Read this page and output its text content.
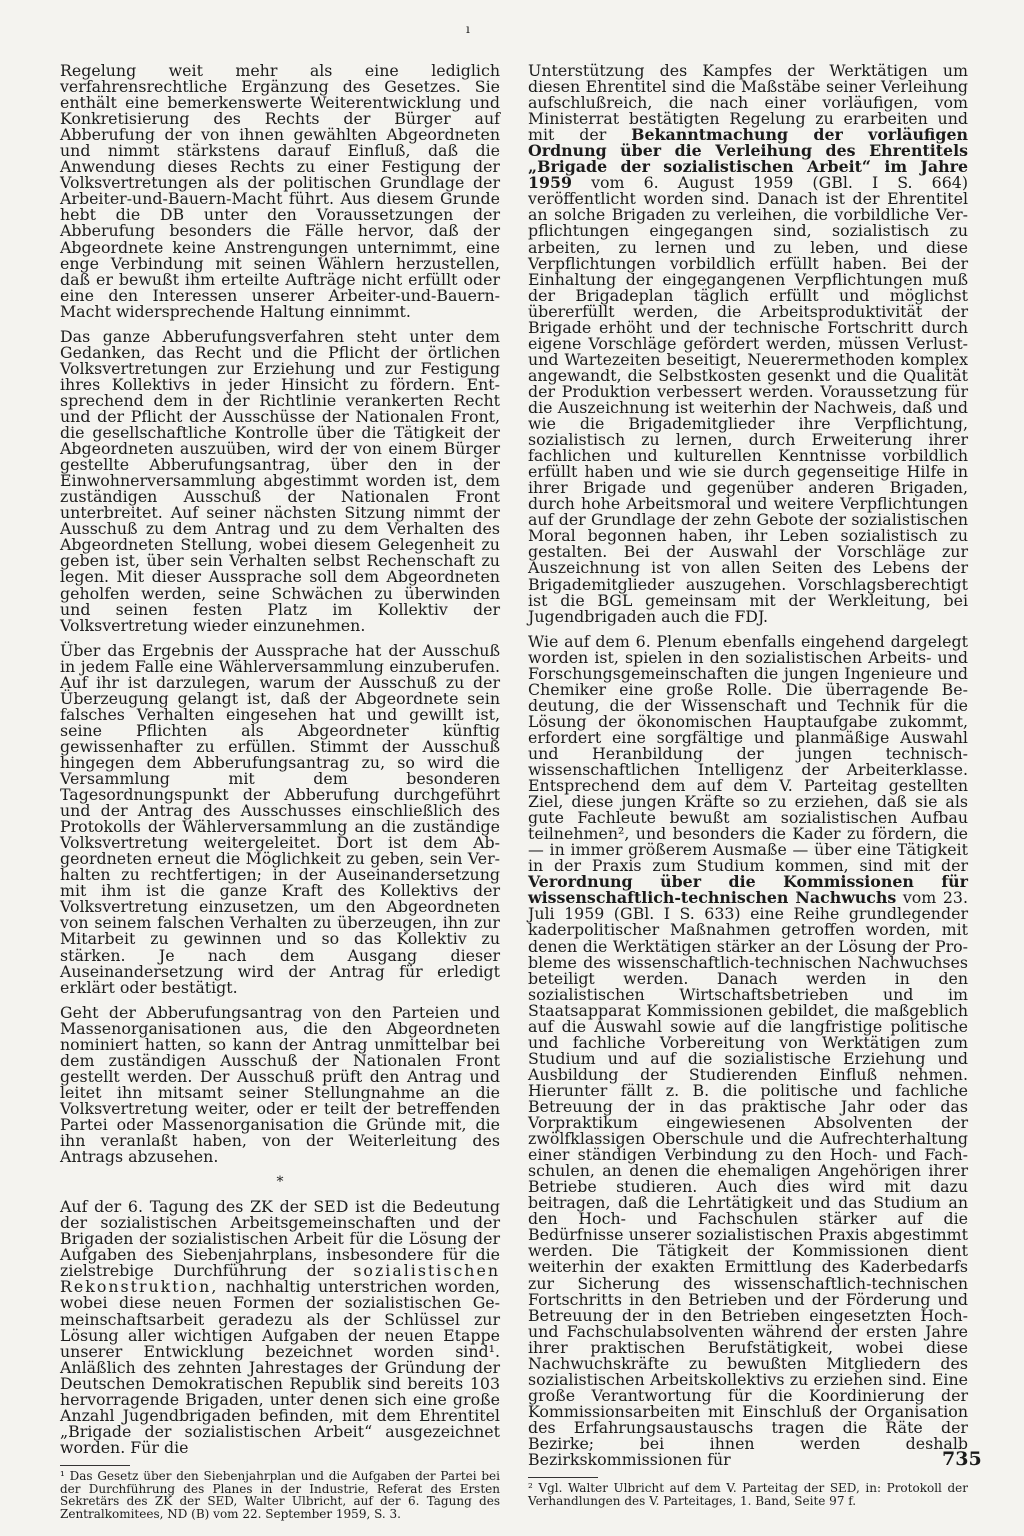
ı

Regelung weit mehr als eine lediglich verfahrensrechtliche Ergänzung des Gesetzes. Sie enthält eine bemerkenswerte Weiterentwicklung und Konkretisierung des Rechts der Bürger auf Abberufung der von ihnen gewählten Abgeordneten und nimmt stärkstens darauf Einfluß, daß die Anwendung dieses Rechts zu einer Festigung der Volksvertretungen als der politischen Grundlage der Arbeiter-und-Bauern-Macht führt. Aus diesem Grunde hebt die DB unter den Voraussetzungen der Abberufung besonders die Fälle hervor, daß der Abgeordnete keine Anstrengungen unternimmt, eine enge Verbindung mit seinen Wählern herzustellen, daß er bewußt ihm erteilte Aufträge nicht erfüllt oder eine den Interessen unserer Arbeiter-und-Bauern-Macht widersprechende Haltung einnimmt.

Das ganze Abberufungsverfahren steht unter dem Gedanken, das Recht und die Pflicht der örtlichen Volksvertretungen zur Erziehung und zur Festigung ihres Kollektivs in jeder Hinsicht zu fördern. Entsprechend dem in der Richtlinie verankerten Recht und der Pflicht der Ausschüsse der Nationalen Front, die gesellschaftliche Kontrolle über die Tätigkeit der Abgeordneten auszuüben, wird der von einem Bürger gestellte Abberufungsantrag, über den in der Einwohnerversammlung abgestimmt worden ist, dem zuständigen Ausschuß der Nationalen Front unterbreitet. Auf seiner nächsten Sitzung nimmt der Ausschuß zu dem Antrag und zu dem Verhalten des Abgeordneten Stellung, wobei diesem Gelegenheit zu geben ist, über sein Verhalten selbst Rechenschaft zu legen. Mit dieser Aussprache soll dem Abgeordneten geholfen werden, seine Schwächen zu überwinden und seinen festen Platz im Kollektiv der Volksvertretung wieder einzunehmen.

Über das Ergebnis der Aussprache hat der Ausschuß in jedem Falle eine Wählerversammlung einzuberufen. Auf ihr ist darzulegen, warum der Ausschuß zu der Überzeugung gelangt ist, daß der Abgeordnete sein falsches Verhalten eingesehen hat und gewillt ist, seine Pflichten als Abgeordneter künftig gewissenhafter zu erfüllen. Stimmt der Ausschuß hingegen dem Abberufungsantrag zu, so wird die Versammlung mit dem besonderen Tagesordnungspunkt der Abberufung durchgeführt und der Antrag des Ausschusses einschließlich des Protokolls der Wählerversammlung an die zuständige Volksvertretung weitergeleitet. Dort ist dem Abgeordneten erneut die Möglichkeit zu geben, sein Verhalten zu rechtfertigen; in der Auseinandersetzung mit ihm ist die ganze Kraft des Kollektivs der Volksvertretung einzusetzen, um den Abgeordneten von seinem falschen Verhalten zu überzeugen, ihn zur Mitarbeit zu gewinnen und so das Kollektiv zu stärken. Je nach dem Ausgang dieser Auseinandersetzung wird der Antrag für erledigt erklärt oder bestätigt.

Geht der Abberufungsantrag von den Parteien und Massenorganisationen aus, die den Abgeordneten nominiert hatten, so kann der Antrag unmittelbar bei dem zuständigen Ausschuß der Nationalen Front gestellt werden. Der Ausschuß prüft den Antrag und leitet ihn mitsamt seiner Stellungnahme an die Volksvertretung weiter, oder er teilt der betreffenden Partei oder Massenorganisation die Gründe mit, die ihn veranlaßt haben, von der Weiterleitung des Antrags abzusehen.

*

Auf der 6. Tagung des ZK der SED ist die Bedeutung der sozialistischen Arbeitsgemeinschaften und der Brigaden der sozialistischen Arbeit für die Lösung der Aufgaben des Siebenjahrplans, insbesondere für die zielstrebige Durchführung der sozialistischen Rekonstruktion, nachhaltig unterstrichen worden, wobei diese neuen Formen der sozialistischen Gemeinschaftsarbeit geradezu als der Schlüssel zur Lösung aller wichtigen Aufgaben der neuen Etappe unserer Entwicklung bezeichnet worden sind¹. Anläßlich des zehnten Jahrestages der Gründung der Deutschen Demokratischen Republik sind bereits 103 hervorragende Brigaden, unter denen sich eine große Anzahl Jugendbrigaden befinden, mit dem Ehrentitel „Brigade der sozialistischen Arbeit“ ausgezeichnet worden. Für die

¹ Das Gesetz über den Siebenjahrplan und die Aufgaben der Partei bei der Durchführung des Planes in der Industrie, Referat des Ersten Sekretärs des ZK der SED, Walter Ulbricht, auf der 6. Tagung des Zentralkomitees, ND (B) vom 22. September 1959, S. 3.

Unterstützung des Kampfes der Werktätigen um diesen Ehrentitel sind die Maßstäbe seiner Verleihung aufschlußreich, die nach einer vorläufigen, vom Ministerrat bestätigten Regelung zu erarbeiten und mit der Bekanntmachung der vorläufigen Ordnung über die Verleihung des Ehrentitels „Brigade der sozialistischen Arbeit“ im Jahre 1959 vom 6. August 1959 (GBl. I S. 664) veröffentlicht worden sind. Danach ist der Ehrentitel an solche Brigaden zu verleihen, die vorbildliche Verpflichtungen eingegangen sind, sozialistisch zu arbeiten, zu lernen und zu leben, und diese Verpflichtungen vorbildlich erfüllt haben. Bei der Einhaltung der eingegangenen Verpflichtungen muß der Brigadeplan täglich erfüllt und möglichst übererfüllt werden, die Arbeitsproduktivität der Brigade erhöht und der technische Fortschritt durch eigene Vorschläge gefördert werden, müssen Verlust- und Wartezeiten beseitigt, Neuerermethoden komplex angewandt, die Selbstkosten gesenkt und die Qualität der Produktion verbessert werden. Voraussetzung für die Auszeichnung ist weiterhin der Nachweis, daß und wie die Brigademitglieder ihre Verpflichtung, sozialistisch zu lernen, durch Erweiterung ihrer fachlichen und kulturellen Kenntnisse vorbildlich erfüllt haben und wie sie durch gegenseitige Hilfe in ihrer Brigade und gegenüber anderen Brigaden, durch hohe Arbeitsmoral und weitere Verpflichtungen auf der Grundlage der zehn Gebote der sozialistischen Moral begonnen haben, ihr Leben sozialistisch zu gestalten. Bei der Auswahl der Vorschläge zur Auszeichnung ist von allen Seiten des Lebens der Brigademitglieder auszugehen. Vorschlagsberechtigt ist die BGL gemeinsam mit der Werkleitung, bei Jugendbrigaden auch die FDJ.

Wie auf dem 6. Plenum ebenfalls eingehend dargelegt worden ist, spielen in den sozialistischen Arbeits- und Forschungsgemeinschaften die jungen Ingenieure und Chemiker eine große Rolle. Die überragende Bedeutung, die der Wissenschaft und Technik für die Lösung der ökonomischen Hauptaufgabe zukommt, erfordert eine sorgfältige und planmäßige Auswahl und Heranbildung der jungen technisch-wissenschaftlichen Intelligenz der Arbeiterklasse. Entsprechend dem auf dem V. Parteitag gestellten Ziel, diese jungen Kräfte so zu erziehen, daß sie als gute Fachleute bewußt am sozialistischen Aufbau teilnehmen², und besonders die Kader zu fördern, die — in immer größerem Ausmaße — über eine Tätigkeit in der Praxis zum Studium kommen, sind mit der Verordnung über die Kommissionen für wissenschaftlich-technischen Nachwuchs vom 23. Juli 1959 (GBl. I S. 633) eine Reihe grundlegender kaderpolitischer Maßnahmen getroffen worden, mit denen die Werktätigen stärker an der Lösung der Probleme des wissenschaftlich-technischen Nachwuchses beteiligt werden. Danach werden in den sozialistischen Wirtschaftsbetrieben und im Staatsapparat Kommissionen gebildet, die maßgeblich auf die Auswahl sowie auf die langfristige politische und fachliche Vorbereitung von Werktätigen zum Studium und auf die sozialistische Erziehung und Ausbildung der Studierenden Einfluß nehmen. Hierunter fällt z. B. die politische und fachliche Betreuung der in das praktische Jahr oder das Vorpraktikum eingewiesenen Absolventen der zwölfklassigen Oberschule und die Aufrechterhaltung einer ständigen Verbindung zu den Hoch- und Fachschulen, an denen die ehemaligen Angehörigen ihrer Betriebe studieren. Auch dies wird mit dazu beitragen, daß die Lehrtätigkeit und das Studium an den Hoch- und Fachschulen stärker auf die Bedürfnisse unserer sozialistischen Praxis abgestimmt werden. Die Tätigkeit der Kommissionen dient weiterhin der exakten Ermittlung des Kaderbedarfs zur Sicherung des wissenschaftlich-technischen Fortschritts in den Betrieben und der Förderung und Betreuung der in den Betrieben eingesetzten Hoch- und Fachschulabsolventen während der ersten Jahre ihrer praktischen Berufstätigkeit, wobei diese Nachwuchskräfte zu bewußten Mitgliedern des sozialistischen Arbeitskollektivs zu erziehen sind. Eine große Verantwortung für die Koordinierung der Kommissionsarbeiten mit Einschluß der Organisation des Erfahrungsaustauschs tragen die Räte der Bezirke; bei ihnen werden deshalb Bezirkskommissionen für

² Vgl. Walter Ulbricht auf dem V. Parteitag der SED, in: Protokoll der Verhandlungen des V. Parteitages, 1. Band, Seite 97 f.

735
